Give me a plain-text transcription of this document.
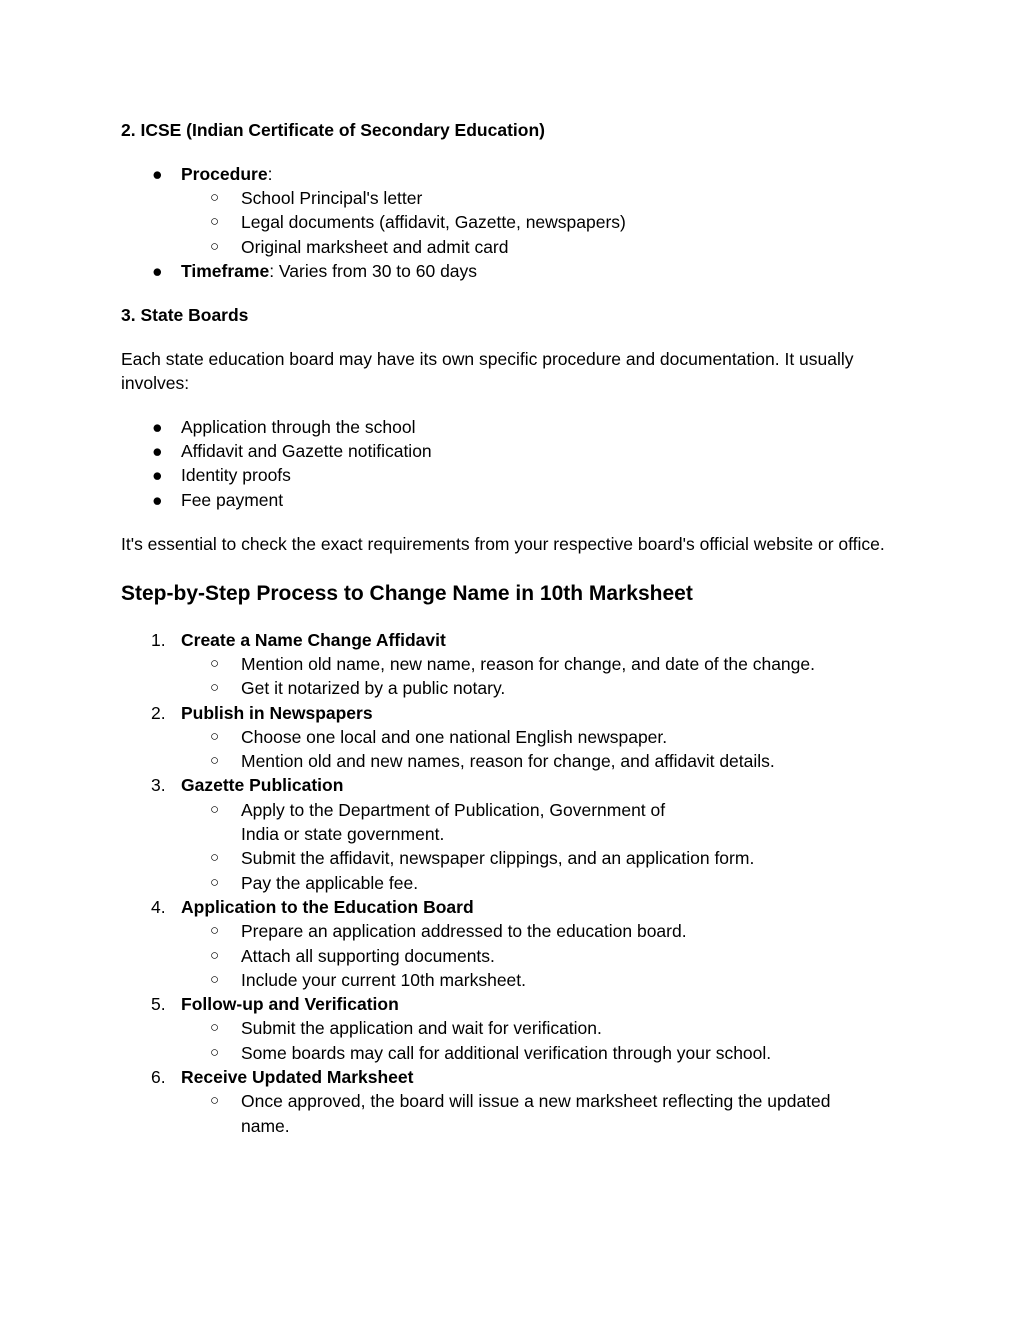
2. ICSE (Indian Certificate of Secondary Education)
● Procedure:
○ School Principal's letter
○ Legal documents (affidavit, Gazette, newspapers)
○ Original marksheet and admit card
● Timeframe: Varies from 30 to 60 days
3. State Boards

Each state education board may have its own specific procedure and documentation. It usually involves:

● Application through the school
● Affidavit and Gazette notification
● Identity proofs
● Fee payment

It's essential to check the exact requirements from your respective board's official website or office.

Step-by-Step Process to Change Name in 10th Marksheet
1. Create a Name Change Affidavit
○ Mention old name, new name, reason for change, and date of the change.
○ Get it notarized by a public notary.
2. Publish in Newspapers
○ Choose one local and one national English newspaper.
○ Mention old and new names, reason for change, and affidavit details.
3. Gazette Publication
○ Apply to the Department of Publication, Government of India or state government.
○ Submit the affidavit, newspaper clippings, and an application form.
○ Pay the applicable fee.
4. Application to the Education Board
○ Prepare an application addressed to the education board.
○ Attach all supporting documents.
○ Include your current 10th marksheet.
5. Follow-up and Verification
○ Submit the application and wait for verification.
○ Some boards may call for additional verification through your school.
6. Receive Updated Marksheet
○ Once approved, the board will issue a new marksheet reflecting the updated name.
